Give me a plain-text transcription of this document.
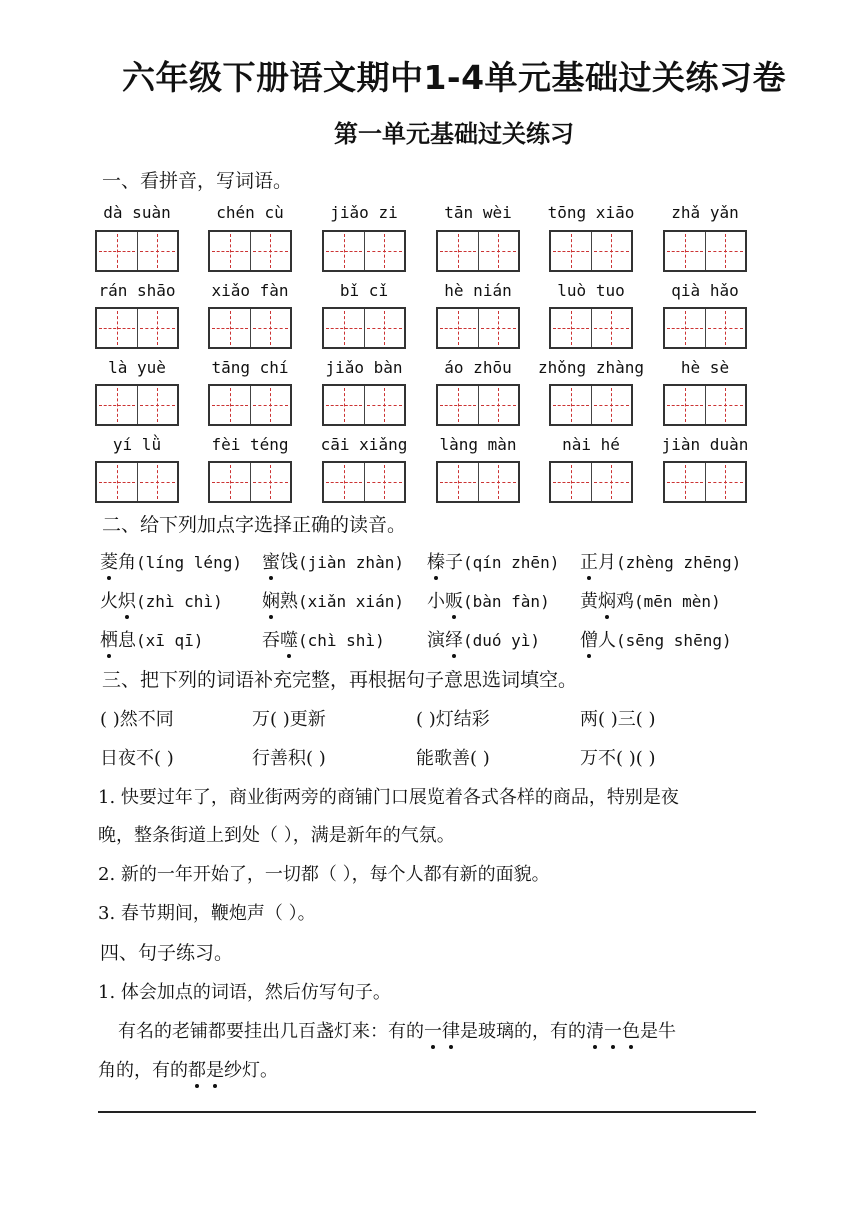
六年级下册语文期中1-4单元基础过关练习卷
第一单元基础过关练习
一、看拼音，写词语。
dà suàn	chén cù	jiǎo zi	tān wèi	tōng xiāo	zhǎ yǎn
rán shāo	xiǎo fàn	bǐ cǐ	hè nián	luò tuo	qià hǎo
là yuè	tāng chí	jiǎo bàn	áo zhōu	zhǒng zhàng	hè sè
yí lǜ	fèi téng	cāi xiǎng	làng màn	nài hé	jiàn duàn
二、给下列加点字选择正确的读音。
菱角(líng léng) 蜜饯(jiàn zhàn) 榛子(qín zhēn) 正月(zhèng zhēng)
火炽(zhì chì) 娴熟(xiǎn xián) 小贩(bàn fàn) 黄焖鸡(mēn mèn)
栖息(xī qī)	吞噬(chì shì) 演绎(duó yì) 僧人(sēng shēng)
三、把下列的词语补充完整，再根据句子意思选词填空。
( )然不同	万( )更新	( )灯结彩	两( )三( )
日夜不( )	行善积( )	能歌善( )	万不( )( )
1. 快要过年了，商业街两旁的商铺门口展览着各式各样的商品，特别是夜
晚，整条街道上到处（ ），满是新年的气氛。
2. 新的一年开始了，一切都（ ），每个人都有新的面貌。
3. 春节期间，鞭炮声（ ）。
四、句子练习。
1. 体会加点的词语，然后仿写句子。
有名的老铺都要挂出几百盏灯来：有的一律是玻璃的，有的清一色是牛
角的，有的都是纱灯。
